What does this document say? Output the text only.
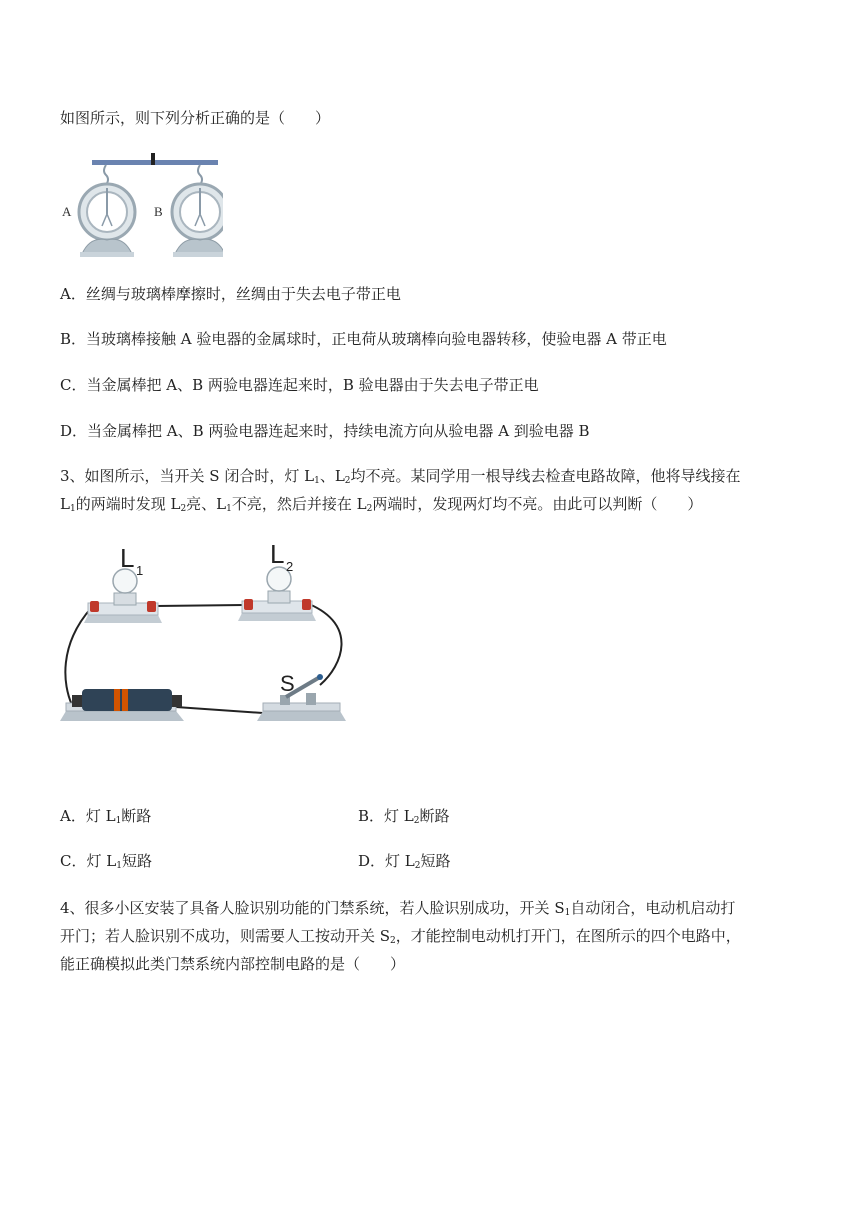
如图所示，则下列分析正确的是（　　）
A	B
A．丝绸与玻璃棒摩擦时，丝绸由于失去电子带正电
B．当玻璃棒接触 A 验电器的金属球时，正电荷从玻璃棒向验电器转移，使验电器 A 带正电
C．当金属棒把 A、B 两验电器连起来时，B 验电器由于失去电子带正电
D．当金属棒把 A、B 两验电器连起来时，持续电流方向从验电器 A 到验电器 B
3、如图所示，当开关 S 闭合时，灯 $L_1$、$L_2$均不亮。某同学用一根导线去检查电路故障，他将导线接在
$L_1$的两端时发现 $L_2$亮、$L_1$不亮，然后并接在 $L_2$两端时，发现两灯均不亮。由此可以判断（　　）
L 1
L 2
S
A．灯 $L_1$断路	B．灯 $L_2$断路
C．灯 $L_1$短路	D．灯 $L_2$短路
4、很多小区安装了具备人脸识别功能的门禁系统，若人脸识别成功，开关 $S_1$自动闭合，电动机启动打
开门；若人脸识别不成功，则需要人工按动开关 $S_2$，才能控制电动机打开门，在图所示的四个电路中，
能正确模拟此类门禁系统内部控制电路的是（　　）
